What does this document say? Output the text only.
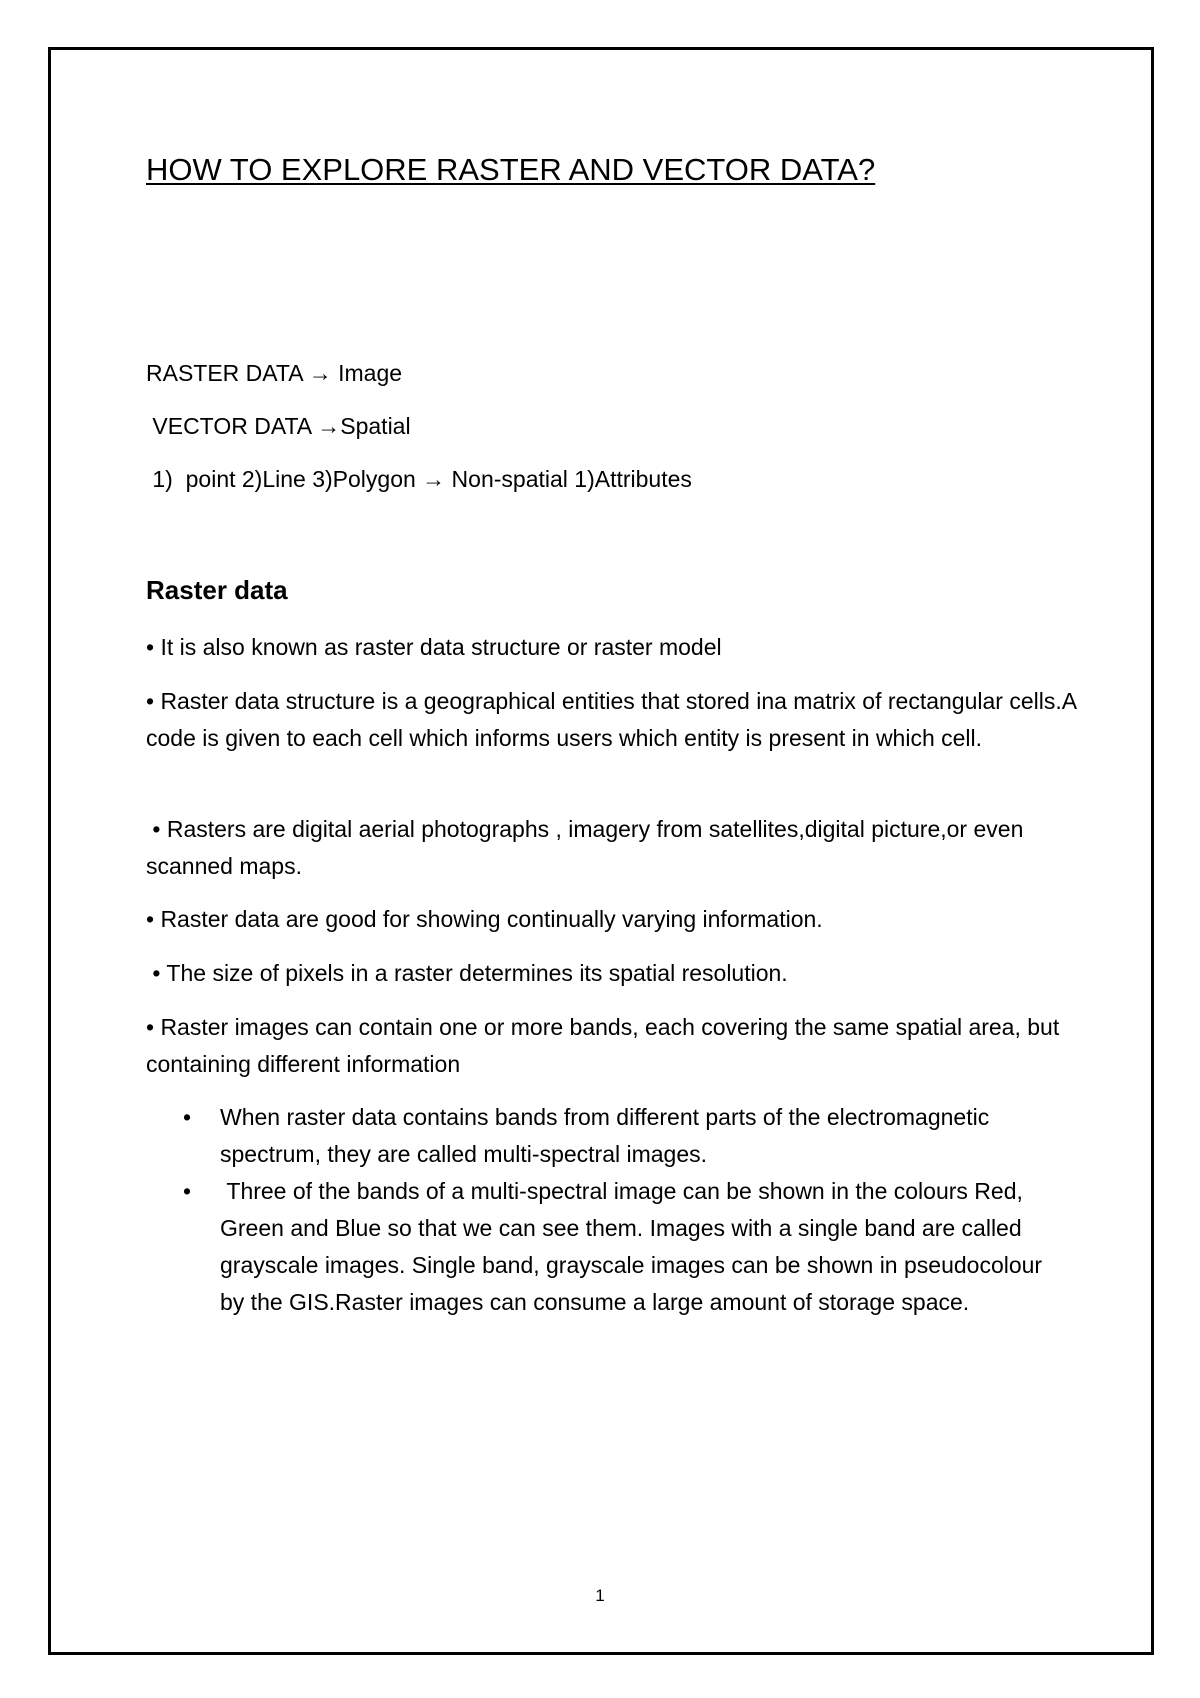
HOW TO EXPLORE RASTER AND VECTOR DATA?

RASTER DATA → Image

VECTOR DATA →Spatial

1)  point 2)Line 3)Polygon → Non-spatial 1)Attributes

Raster data

• It is also known as raster data structure or raster model

• Raster data structure is a geographical entities that stored ina matrix of rectangular cells.A code is given to each cell which informs users which entity is present in which cell.

• Rasters are digital aerial photographs , imagery from satellites,digital picture,or even scanned maps.

• Raster data are good for showing continually varying information.

• The size of pixels in a raster determines its spatial resolution.

• Raster images can contain one or more bands, each covering the same spatial area, but containing different information

• When raster data contains bands from different parts of the electromagnetic spectrum, they are called multi-spectral images.
• Three of the bands of a multi-spectral image can be shown in the colours Red, Green and Blue so that we can see them. Images with a single band are called grayscale images. Single band, grayscale images can be shown in pseudocolour by the GIS.Raster images can consume a large amount of storage space.
1
